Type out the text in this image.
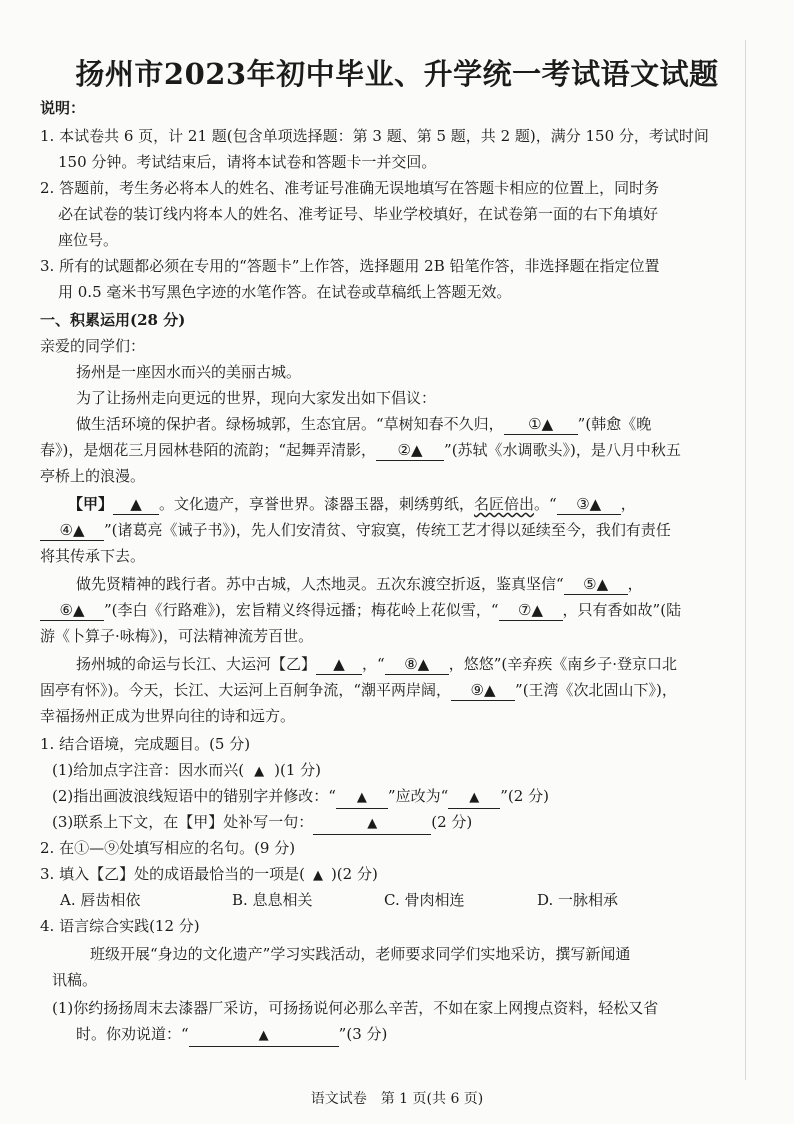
扬州市2023年初中毕业、升学统一考试语文试题
说明：
1. 本试卷共 6 页，计 21 题(包含单项选择题：第 3 题、第 5 题，共 2 题)，满分 150 分，考试时间
150 分钟。考试结束后，请将本试卷和答题卡一并交回。
2. 答题前，考生务必将本人的姓名、准考证号准确无误地填写在答题卡相应的位置上，同时务
必在试卷的装订线内将本人的姓名、准考证号、毕业学校填好，在试卷第一面的右下角填好
座位号。
3. 所有的试题都必须在专用的“答题卡”上作答，选择题用 2B 铅笔作答，非选择题在指定位置
用 0.5 毫米书写黑色字迹的水笔作答。在试卷或草稿纸上答题无效。
一、积累运用(28 分)
亲爱的同学们：
扬州是一座因水而兴的美丽古城。
为了让扬州走向更远的世界，现向大家发出如下倡议：
做生活环境的保护者。绿杨城郭，生态宜居。“草树知春不久归， ①▲ ”(韩愈《晚
春》)，是烟花三月园林巷陌的流韵；“起舞弄清影， ②▲ ”(苏轼《水调歌头》)，是八月中秋五
亭桥上的浪漫。
【甲】 ▲ 。文化遗产，享誉世界。漆器玉器，刺绣剪纸，名匠倍出。“ ③▲ ，
④▲ ”(诸葛亮《诫子书》)，先人们安清贫、守寂寞，传统工艺才得以延续至今，我们有责任
将其传承下去。
做先贤精神的践行者。苏中古城，人杰地灵。五次东渡空折返，鉴真坚信“ ⑤▲ ，
⑥▲ ”(李白《行路难》)，宏旨精义终得远播；梅花岭上花似雪，“ ⑦▲ ，只有香如故”(陆
游《卜算子·咏梅》)，可法精神流芳百世。
扬州城的命运与长江、大运河【乙】 ▲ ，“ ⑧▲ ，悠悠”(辛弃疾《南乡子·登京口北
固亭有怀》)。今天，长江、大运河上百舸争流，“潮平两岸阔， ⑨▲ ”(王湾《次北固山下》)，
幸福扬州正成为世界向往的诗和远方。
1. 结合语境，完成题目。(5 分)
(1)给加点字注音：因水而兴( ▲ )(1 分)
(2)指出画波浪线短语中的错别字并修改：“ ▲ ”应改为“ ▲ ”(2 分)
(3)联系上下文，在【甲】处补写一句：	▲	(2 分)
2. 在①—⑨处填写相应的名句。(9 分)
3. 填入【乙】处的成语最恰当的一项是( ▲ )(2 分)
A. 唇齿相依	B. 息息相关	C. 骨肉相连	D. 一脉相承
4. 语言综合实践(12 分)
班级开展“身边的文化遗产”学习实践活动，老师要求同学们实地采访，撰写新闻通
讯稿。
(1)你约扬扬周末去漆器厂采访，可扬扬说何必那么辛苦，不如在家上网搜点资料，轻松又省
时。你劝说道：“	▲	”(3 分)
语文试卷　第 1 页(共 6 页)
